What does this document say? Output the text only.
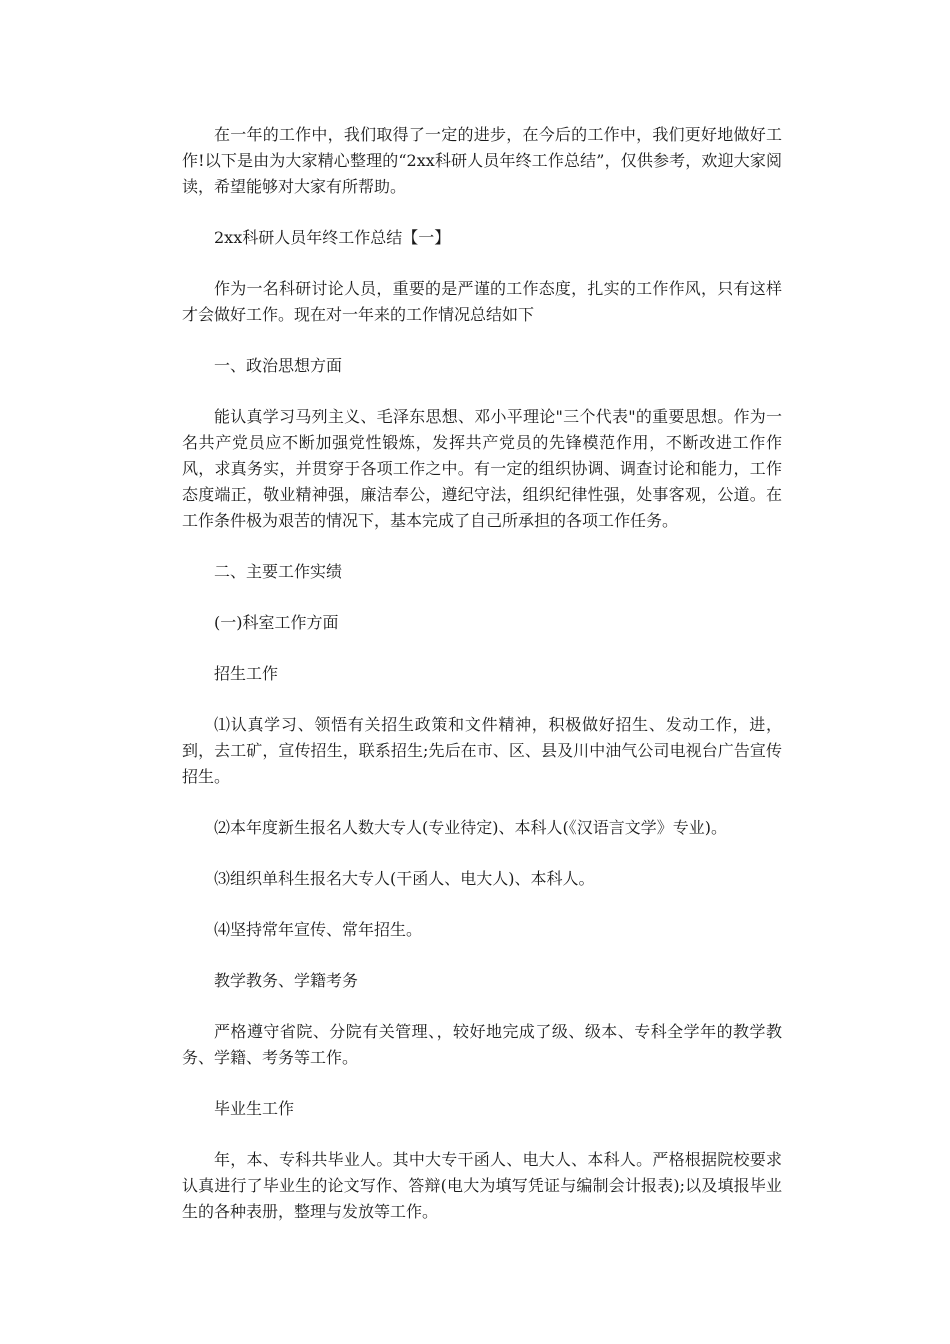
在一年的工作中，我们取得了一定的进步，在今后的工作中，我们更好地做好工作!以下是由为大家精心整理的“2xx科研人员年终工作总结”，仅供参考，欢迎大家阅读，希望能够对大家有所帮助。

2xx科研人员年终工作总结【一】

作为一名科研讨论人员，重要的是严谨的工作态度，扎实的工作作风，只有这样才会做好工作。现在对一年来的工作情况总结如下

一、政治思想方面

能认真学习马列主义、毛泽东思想、邓小平理论"三个代表"的重要思想。作为一名共产党员应不断加强党性锻炼，发挥共产党员的先锋模范作用，不断改进工作作风，求真务实，并贯穿于各项工作之中。有一定的组织协调、调查讨论和能力，工作态度端正，敬业精神强，廉洁奉公，遵纪守法，组织纪律性强，处事客观，公道。在工作条件极为艰苦的情况下，基本完成了自己所承担的各项工作任务。

二、主要工作实绩

(一)科室工作方面

招生工作

⑴认真学习、领悟有关招生政策和文件精神，积极做好招生、发动工作，进，到，去工矿，宣传招生，联系招生;先后在市、区、县及川中油气公司电视台广告宣传招生。

⑵本年度新生报名人数大专人(专业待定)、本科人(《汉语言文学》专业)。

⑶组织单科生报名大专人(干函人、电大人)、本科人。

⑷坚持常年宣传、常年招生。

教学教务、学籍考务

严格遵守省院、分院有关管理、，较好地完成了级、级本、专科全学年的教学教务、学籍、考务等工作。

毕业生工作

年，本、专科共毕业人。其中大专干函人、电大人、本科人。严格根据院校要求认真进行了毕业生的论文写作、答辩(电大为填写凭证与编制会计报表);以及填报毕业生的各种表册，整理与发放等工作。
